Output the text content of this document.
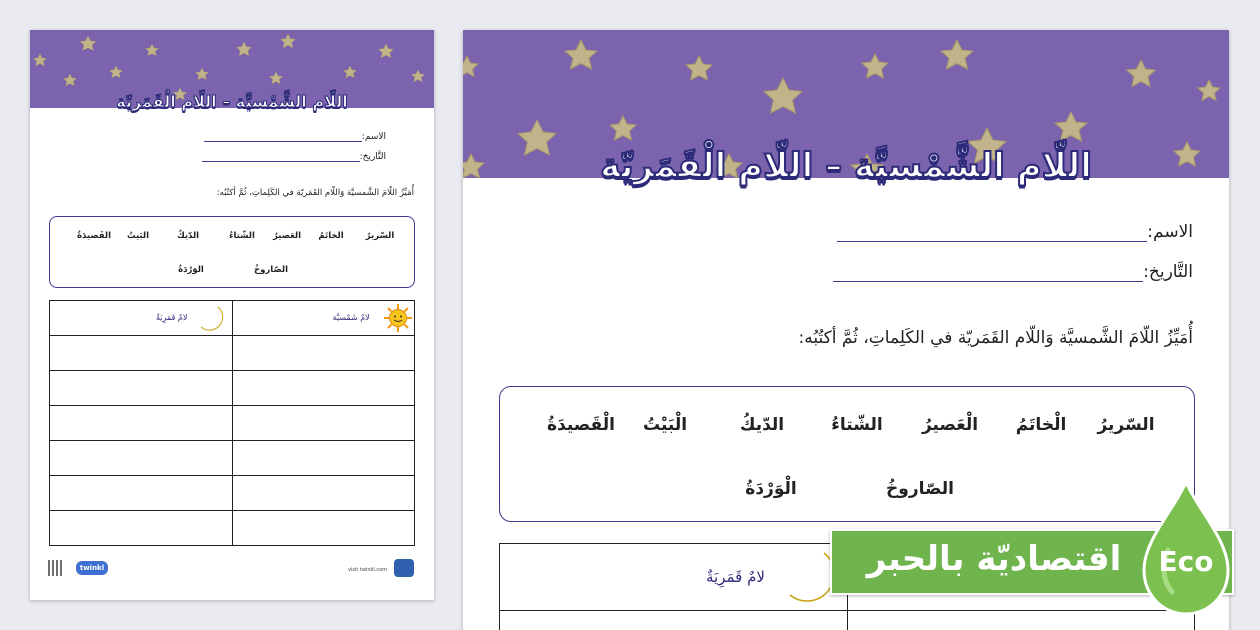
اللّام الشَّمْسيَّة – اللّام الْقَمَريّة
الاسم:
التَّاريخ:
أُمَيِّزُ اللّامَ الشَّمسيَّة وَاللّام القَمَريّة في الكَلِماتِ، ثُمَّ أكتُبُه:
السّريرُ
الخاتَمُ
العَصيرُ
الشّتاءُ
الدّيكُ
البَيتُ
القَصيدَةُ
الصّاروخُ
الوَرْدَةُ
لامٌ قَمَرِيَةٌ	لامٌ شَمْسيَّة

twinkl	visit twinkl.com
اللّام الشَّمْسيَّة – اللّام الْقَمَريّة
الاسم:
التَّاريخ:
أُمَيِّزُ اللّامَ الشَّمسيَّة وَاللّام القَمَريّة في الكَلِماتِ، ثُمَّ أكتُبُه:
السّريرُ
الْخاتَمُ
الْعَصيرُ
الشّتاءُ
الدّيكُ
الْبَيْتُ
الْقَصيدَةُ
الصّاروخُ
الْوَرْدَةُ
لامٌ قَمَرِيَةٌ	

		اقتصاديّة بالحبر	Eco
